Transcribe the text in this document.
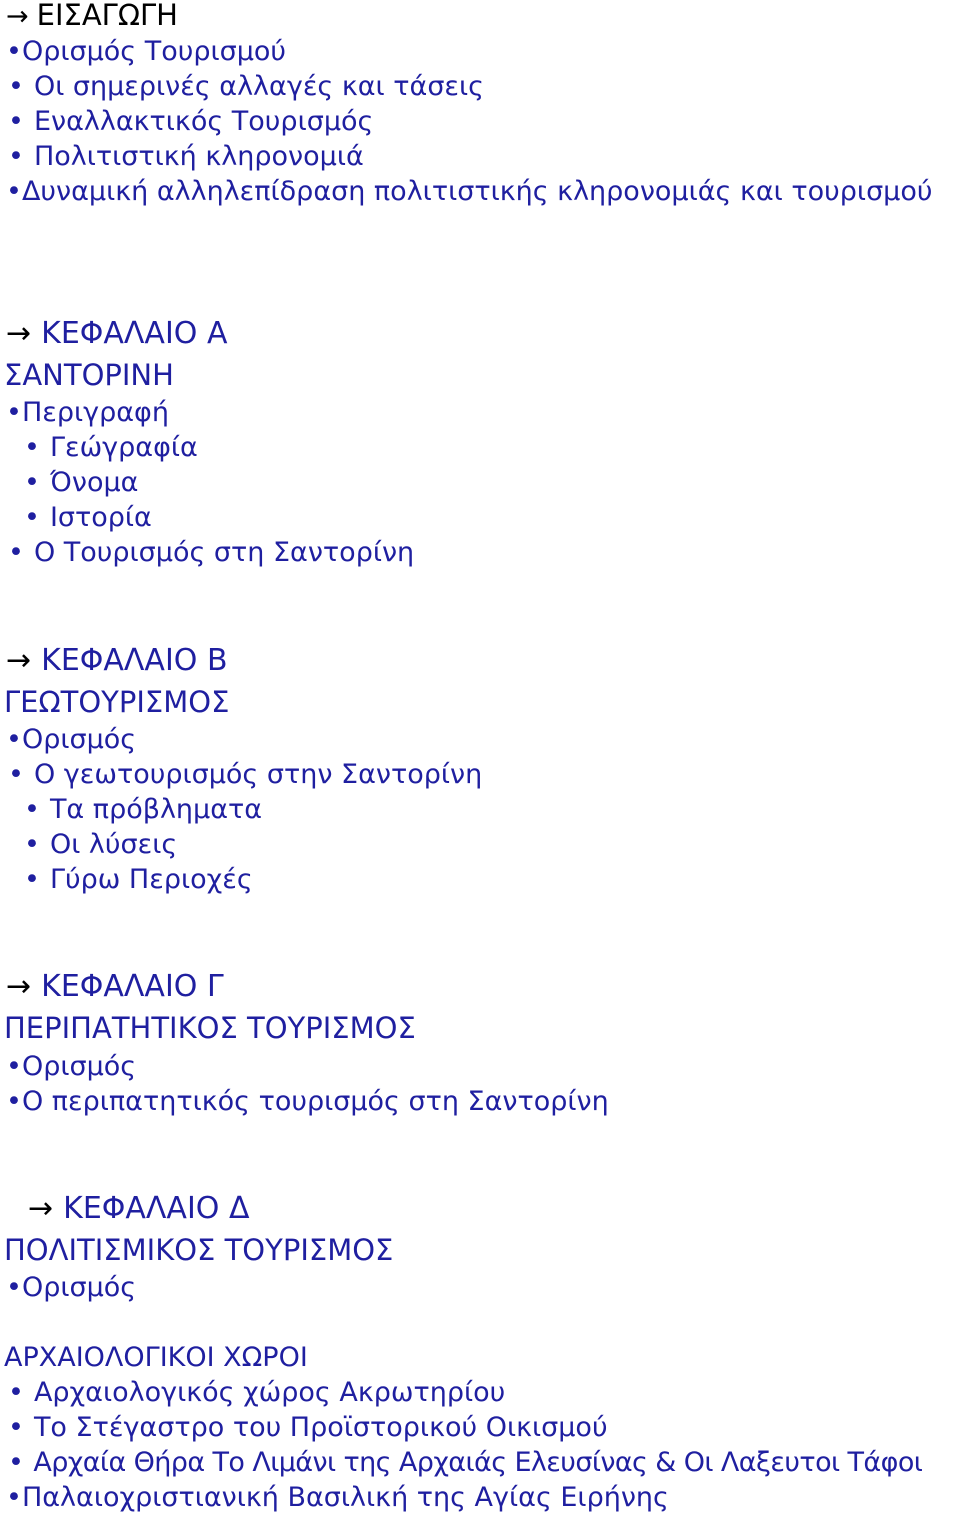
→ ΕΙΣΑΓΩΓΗ
•Ορισμός Τουρισμού
• Οι σημερινές αλλαγές και τάσεις
• Εναλλακτικός Τουρισμός
• Πολιτιστική κληρονομιά
•Δυναμική αλληλεπίδραση πολιτιστικής κληρονομιάς και τουρισμού
→ ΚΕΦΑΛΑΙΟ Α
ΣΑΝΤΟΡΙΝΗ
•Περιγραφή
• Γεώγραφία
• Όνομα
• Ιστορία
• Ο Τουρισμός στη Σαντορίνη
→ ΚΕΦΑΛΑΙΟ Β
ΓΕΩΤΟΥΡΙΣΜΟΣ
•Ορισμός
• Ο γεωτουρισμός στην Σαντορίνη
• Τα πρόβληματα
• Οι λύσεις
• Γύρω Περιοχές
→ ΚΕΦΑΛΑΙΟ Γ
ΠΕΡΙΠΑΤΗΤΙΚΟΣ ΤΟΥΡΙΣΜΟΣ
•Ορισμός
•Ο περιπατητικός τουρισμός στη Σαντορίνη
→ ΚΕΦΑΛΑΙΟ Δ
ΠΟΛΙΤΙΣΜΙΚΟΣ ΤΟΥΡΙΣΜΟΣ
•Ορισμός
ΑΡΧΑΙΟΛΟΓΙΚΟΙ ΧΩΡΟΙ
• Αρχαιολογικός χώρος Ακρωτηρίου
• Το Στέγαστρο του Προϊστορικού Οικισμού
• Αρχαία Θήρα Το Λιμάνι της Αρχαιάς Ελευσίνας & Οι Λαξευτοι Τάφοι
•Παλαιοχριστιανική Βασιλική της Αγίας Ειρήνης
